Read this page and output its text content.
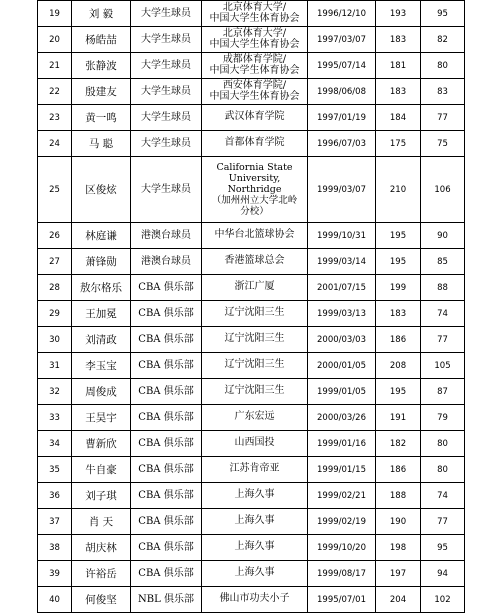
19	刘 毅	大学生球员	北京体育大学/
中国大学生体育协会	1996/12/10	193	95
20	杨皓喆	大学生球员	北京体育大学/
中国大学生体育协会	1997/03/07	183	82
21	张静波	大学生球员	成都体育学院/
中国大学生体育协会	1995/07/14	181	80
22	殷建友	大学生球员	西安体育学院/
中国大学生体育协会	1998/06/08	183	83
23	黄一鸣	大学生球员	武汉体育学院	1997/01/19	184	77
24	马 聪	大学生球员	首都体育学院	1996/07/03	175	75
25	区俊炫	大学生球员	California State
University, Northridge
（加州州立大学北岭
分校）	1999/03/07	210	106
26	林庭谦	港澳台球员	中华台北篮球协会	1999/10/31	195	90
27	萧锋勋	港澳台球员	香港篮球总会	1999/03/14	195	85
28	敖尔格乐	CBA 俱乐部	浙江广厦	2001/07/15	199	88
29	王加冕	CBA 俱乐部	辽宁沈阳三生	1999/03/13	183	74
30	刘清政	CBA 俱乐部	辽宁沈阳三生	2000/03/03	186	77
31	李玉宝	CBA 俱乐部	辽宁沈阳三生	2000/01/05	208	105
32	周俊成	CBA 俱乐部	辽宁沈阳三生	1999/01/05	195	87
33	王昊宇	CBA 俱乐部	广东宏远	2000/03/26	191	79
34	曹新欣	CBA 俱乐部	山西国投	1999/01/16	182	80
35	牛自豪	CBA 俱乐部	江苏肯帝亚	1999/01/15	186	80
36	刘子琪	CBA 俱乐部	上海久事	1999/02/21	188	74
37	肖 天	CBA 俱乐部	上海久事	1999/02/19	190	77
38	胡庆林	CBA 俱乐部	上海久事	1999/10/20	198	95
39	许裕岳	CBA 俱乐部	上海久事	1999/08/17	197	94
40	何俊坚	NBL 俱乐部	佛山市功夫小子	1995/07/01	204	102
